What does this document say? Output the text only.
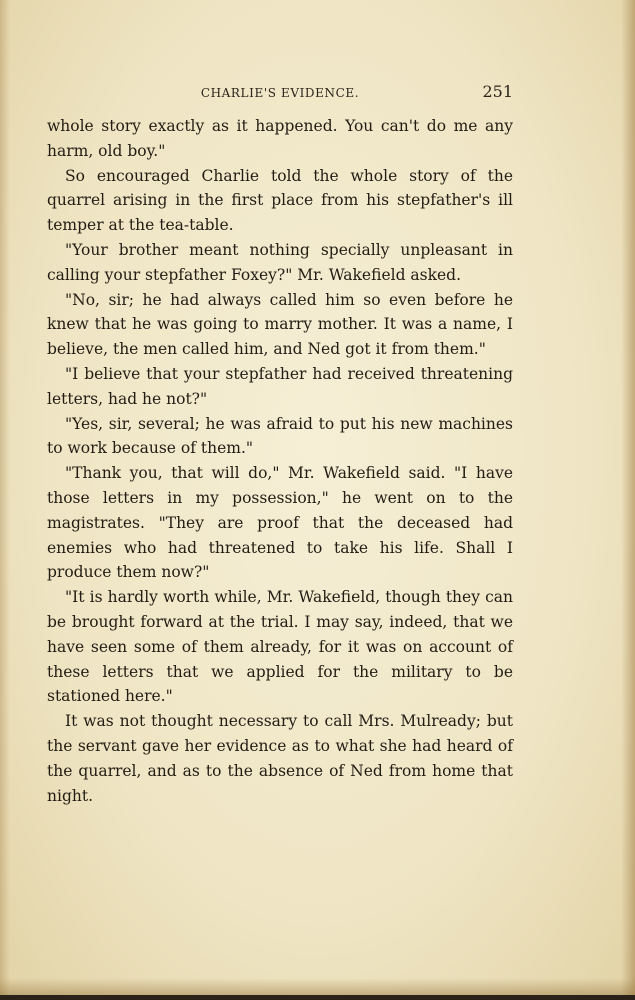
CHARLIE'S EVIDENCE.	251

whole story exactly as it happened. You can't do me any harm, old boy."

So encouraged Charlie told the whole story of the quarrel arising in the first place from his stepfather's ill temper at the tea-table.

"Your brother meant nothing specially unpleasant in calling your stepfather Foxey?" Mr. Wakefield asked.

"No, sir; he had always called him so even before he knew that he was going to marry mother. It was a name, I believe, the men called him, and Ned got it from them."

"I believe that your stepfather had received threatening letters, had he not?"

"Yes, sir, several; he was afraid to put his new machines to work because of them."

"Thank you, that will do," Mr. Wakefield said. "I have those letters in my possession," he went on to the magistrates. "They are proof that the deceased had enemies who had threatened to take his life. Shall I produce them now?"

"It is hardly worth while, Mr. Wakefield, though they can be brought forward at the trial. I may say, indeed, that we have seen some of them already, for it was on account of these letters that we applied for the military to be stationed here."

It was not thought necessary to call Mrs. Mulready; but the servant gave her evidence as to what she had heard of the quarrel, and as to the absence of Ned from home that night.
